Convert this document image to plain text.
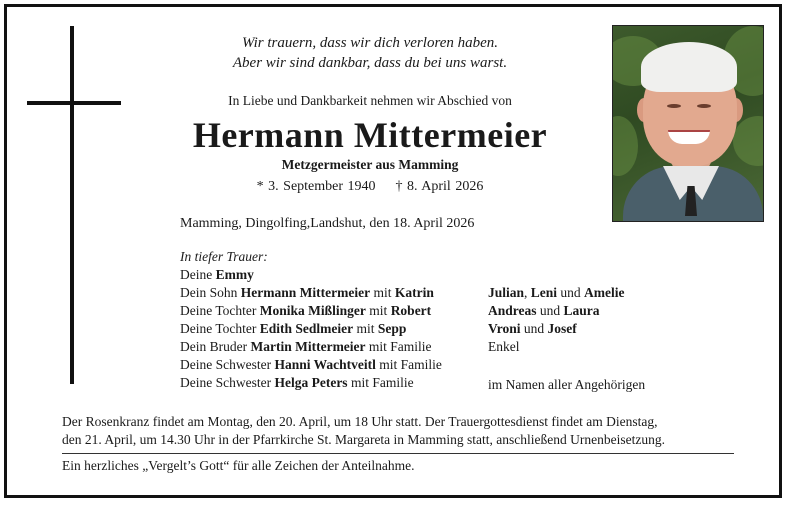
Wir trauern, dass wir dich verloren haben.
Aber wir sind dankbar, dass du bei uns warst.
In Liebe und Dankbarkeit nehmen wir Abschied von
Hermann Mittermeier
Metzgermeister aus Mamming
* 3. September 1940 † 8. April 2026
Mamming, Dingolfing,Landshut, den 18. April 2026
In tiefer Trauer:
Deine Emmy
Dein Sohn Hermann Mittermeier mit Katrin
Deine Tochter Monika Mißlinger mit Robert
Deine Tochter Edith Sedlmeier mit Sepp
Dein Bruder Martin Mittermeier mit Familie
Deine Schwester Hanni Wachtveitl mit Familie
Deine Schwester Helga Peters mit Familie
Julian, Leni und Amelie
Andreas und Laura
Vroni und Josef
Enkel
im Namen aller Angehörigen
Der Rosenkranz findet am Montag, den 20. April, um 18 Uhr statt. Der Trauergottesdienst findet am Dienstag,
den 21. April, um 14.30 Uhr in der Pfarrkirche St. Margareta in Mamming statt, anschließend Urnenbeisetzung.
Ein herzliches „Vergelt’s Gott“ für alle Zeichen der Anteilnahme.
